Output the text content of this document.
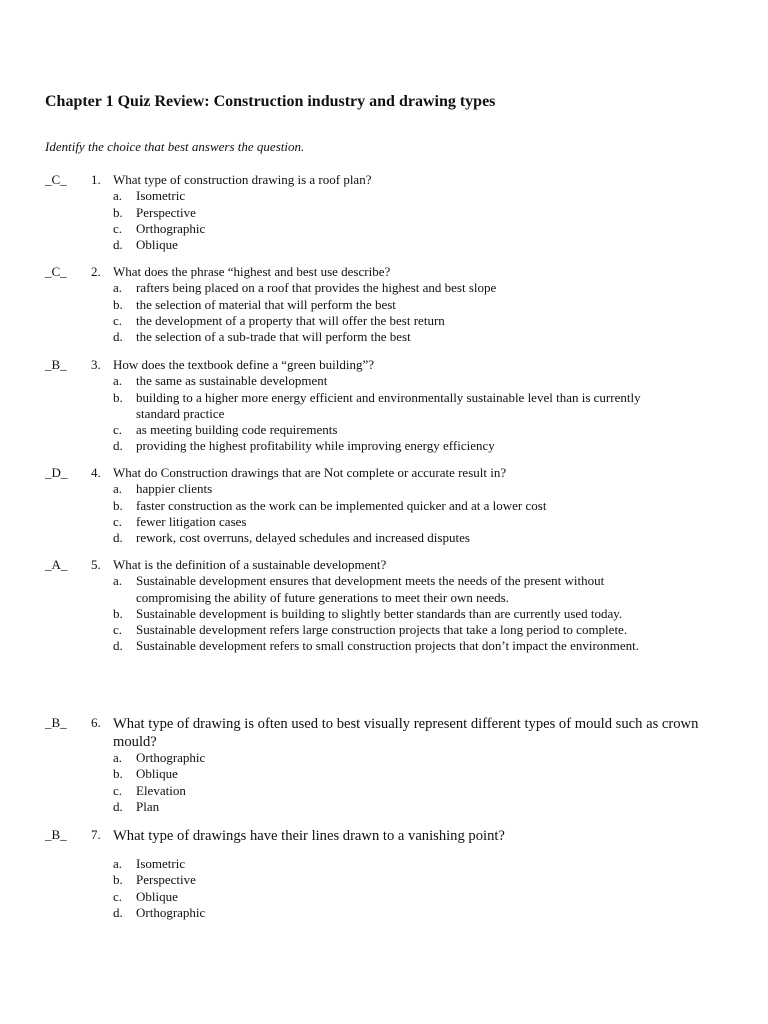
Chapter 1 Quiz Review: Construction industry and drawing types
Identify the choice that best answers the question.
_C_ 1. What type of construction drawing is a roof plan?
a. Isometric
b. Perspective
c. Orthographic
d. Oblique
_C_ 2. What does the phrase “highest and best use describe?
a. rafters being placed on a roof that provides the highest and best slope
b. the selection of material that will perform the best
c. the development of a property that will offer the best return
d. the selection of a sub-trade that will perform the best
_B_ 3. How does the textbook define a “green building”?
a. the same as sustainable development
b. building to a higher more energy efficient and environmentally sustainable level than is currently standard practice
c. as meeting building code requirements
d. providing the highest profitability while improving energy efficiency
_D_ 4. What do Construction drawings that are Not complete or accurate result in?
a. happier clients
b. faster construction as the work can be implemented quicker and at a lower cost
c. fewer litigation cases
d. rework, cost overruns, delayed schedules and increased disputes
_A_ 5. What is the definition of a sustainable development?
a. Sustainable development ensures that development meets the needs of the present without compromising the ability of future generations to meet their own needs.
b. Sustainable development is building to slightly better standards than are currently used today.
c. Sustainable development refers large construction projects that take a long period to complete.
d. Sustainable development refers to small construction projects that don’t impact the environment.
_B_ 6. What type of drawing is often used to best visually represent different types of mould such as crown mould?
a. Orthographic
b. Oblique
c. Elevation
d. Plan
_B_ 7. What type of drawings have their lines drawn to a vanishing point?
a. Isometric
b. Perspective
c. Oblique
d. Orthographic
